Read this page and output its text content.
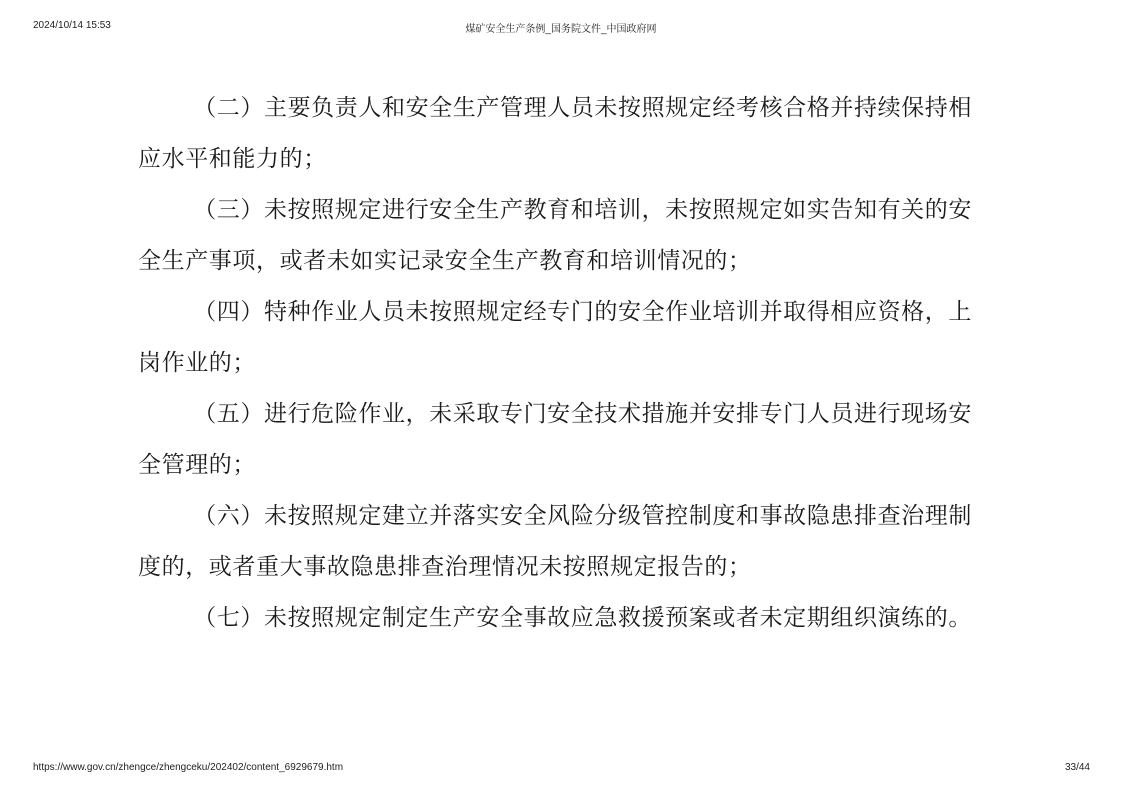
2024/10/14 15:53	煤矿安全生产条例_国务院文件_中国政府网

（二）主要负责人和安全生产管理人员未按照规定经考核合格并持续保持相应水平和能力的；

（三）未按照规定进行安全生产教育和培训，未按照规定如实告知有关的安全生产事项，或者未如实记录安全生产教育和培训情况的；

（四）特种作业人员未按照规定经专门的安全作业培训并取得相应资格，上岗作业的；

（五）进行危险作业，未采取专门安全技术措施并安排专门人员进行现场安全管理的；

（六）未按照规定建立并落实安全风险分级管控制度和事故隐患排查治理制度的，或者重大事故隐患排查治理情况未按照规定报告的；

（七）未按照规定制定生产安全事故应急救援预案或者未定期组织演练的。

https://www.gov.cn/zhengce/zhengceku/202402/content_6929679.htm	33/44
